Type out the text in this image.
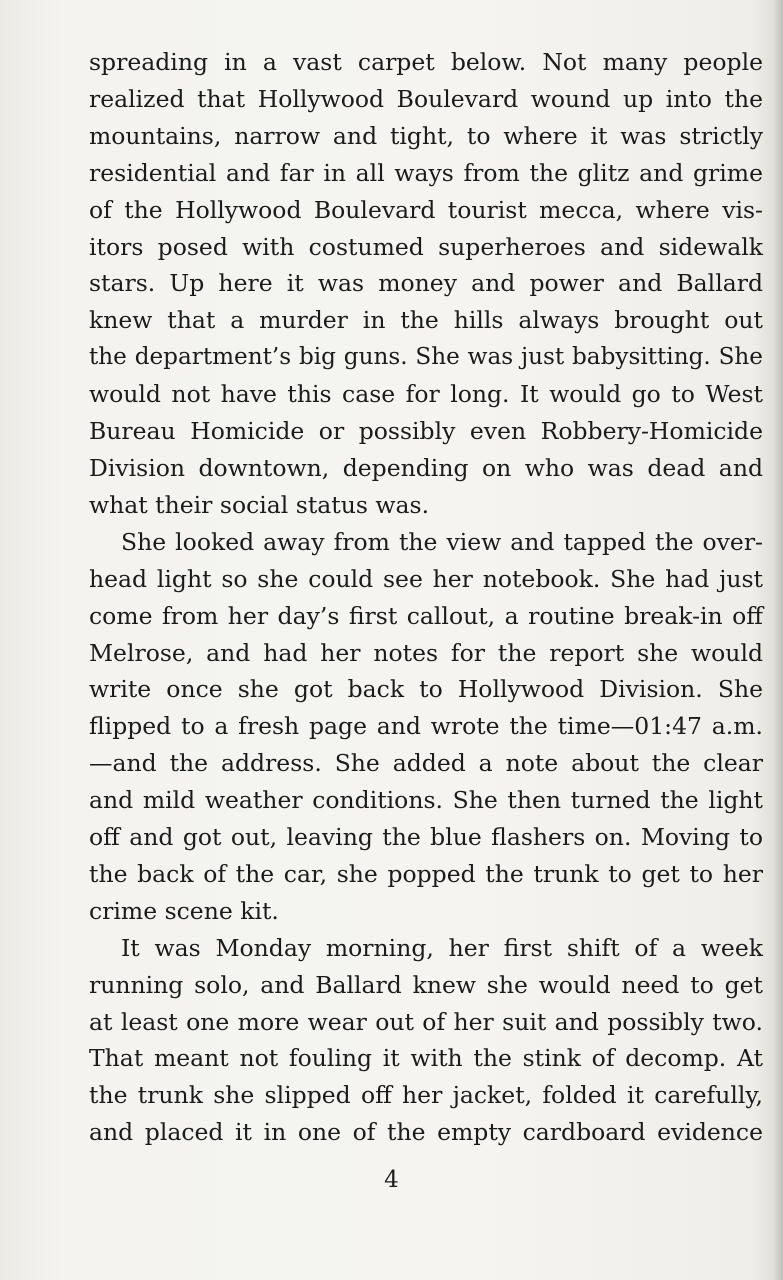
spreading in a vast carpet below. Not many people
realized that Hollywood Boulevard wound up into the
mountains, narrow and tight, to where it was strictly
residential and far in all ways from the glitz and grime
of the Hollywood Boulevard tourist mecca, where vis-
itors posed with costumed superheroes and sidewalk
stars. Up here it was money and power and Ballard
knew that a murder in the hills always brought out
the department’s big guns. She was just babysitting. She
would not have this case for long. It would go to West
Bureau Homicide or possibly even Robbery-Homicide
Division downtown, depending on who was dead and
what their social status was.
She looked away from the view and tapped the over-
head light so she could see her notebook. She had just
come from her day’s first callout, a routine break-in off
Melrose, and had her notes for the report she would
write once she got back to Hollywood Division. She
flipped to a fresh page and wrote the time—01:47 a.m.
—and the address. She added a note about the clear
and mild weather conditions. She then turned the light
off and got out, leaving the blue flashers on. Moving to
the back of the car, she popped the trunk to get to her
crime scene kit.
It was Monday morning, her first shift of a week
running solo, and Ballard knew she would need to get
at least one more wear out of her suit and possibly two.
That meant not fouling it with the stink of decomp. At
the trunk she slipped off her jacket, folded it carefully,
and placed it in one of the empty cardboard evidence
4
